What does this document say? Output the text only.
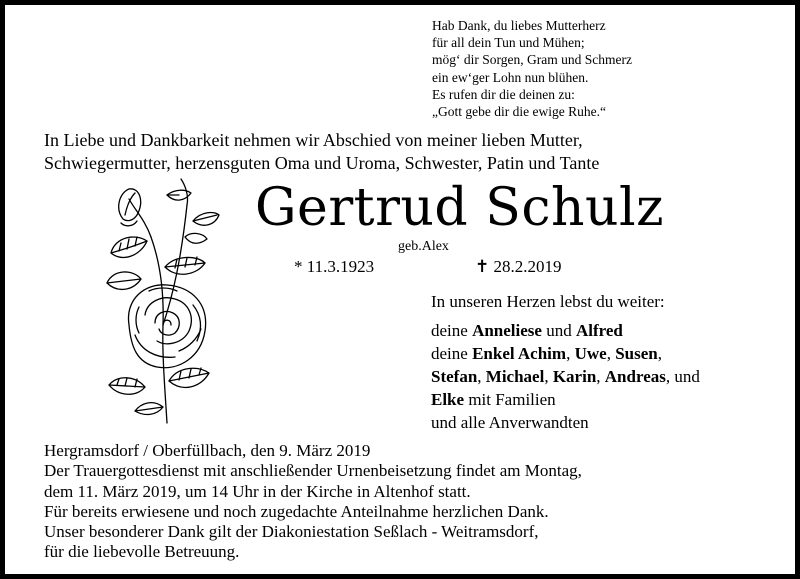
Hab Dank, du liebes Mutterherz
für all dein Tun und Mühen;
mög‘ dir Sorgen, Gram und Schmerz
ein ew‘ger Lohn nun blühen.
Es rufen dir die deinen zu:
„Gott gebe dir die ewige Ruhe.“
In Liebe und Dankbarkeit nehmen wir Abschied von meiner lieben Mutter,
Schwiegermutter, herzensguten Oma und Uroma, Schwester, Patin und Tante
Gertrud Schulz
geb.Alex
* 11.3.1923	✝ 28.2.2019
In unseren Herzen lebst du weiter:
deine Anneliese und Alfred
deine Enkel Achim, Uwe, Susen,
Stefan, Michael, Karin, Andreas, und
Elke mit Familien
und alle Anverwandten
Hergramsdorf / Oberfüllbach, den 9. März 2019
Der Trauergottesdienst mit anschließender Urnenbeisetzung findet am Montag,
dem 11. März 2019, um 14 Uhr in der Kirche in Altenhof statt.
Für bereits erwiesene und noch zugedachte Anteilnahme herzlichen Dank.
Unser besonderer Dank gilt der Diakoniestation Seßlach - Weitramsdorf,
für die liebevolle Betreuung.
